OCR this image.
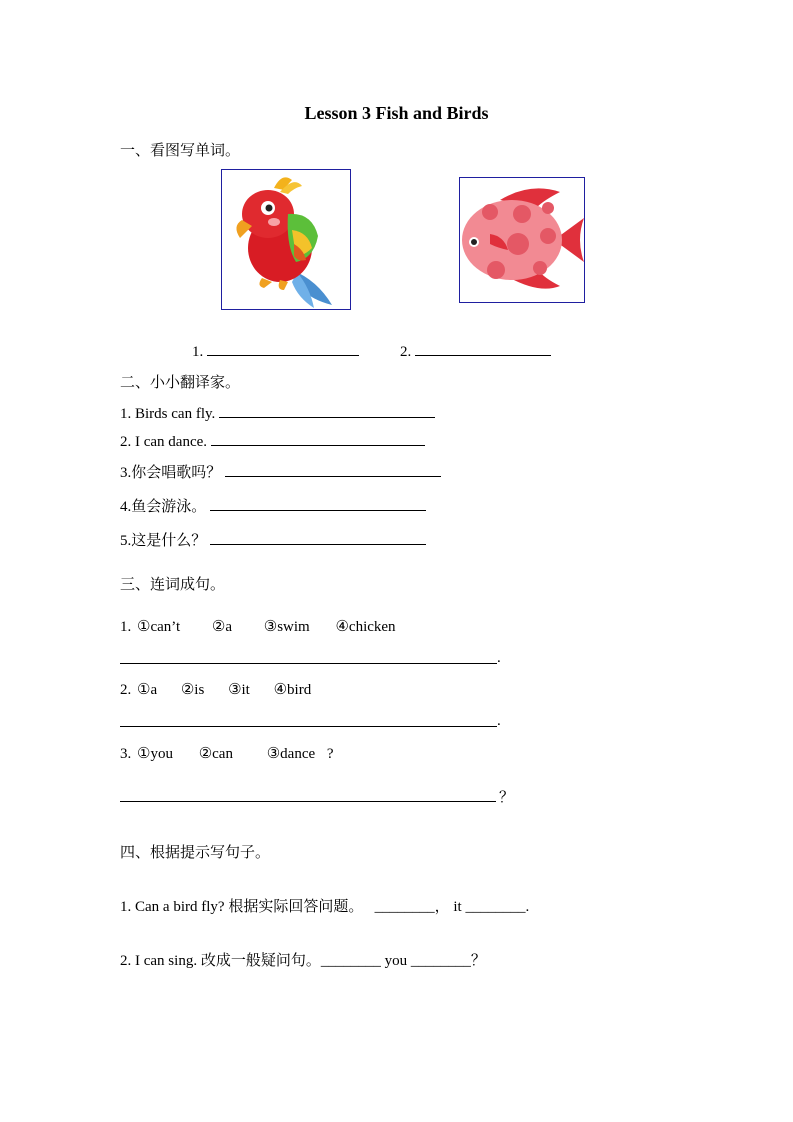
Lesson 3 Fish and Birds
一、看图写单词。
1.	2.
二、小小翻译家。
1. Birds can fly.
2. I can dance.
3.你会唱歌吗？
4.鱼会游泳。
5.这是什么？
三、连词成句。
1. ①can’t ②a ③swim ④chicken
.
2. ①a ②is ③it ④bird
.
3. ①you ②can ③dance ?
？
四、根据提示写句子。
1. Can a bird fly? 根据实际回答问题。 ________， it ________.
2. I can sing. 改成一般疑问句。________ you ________？
